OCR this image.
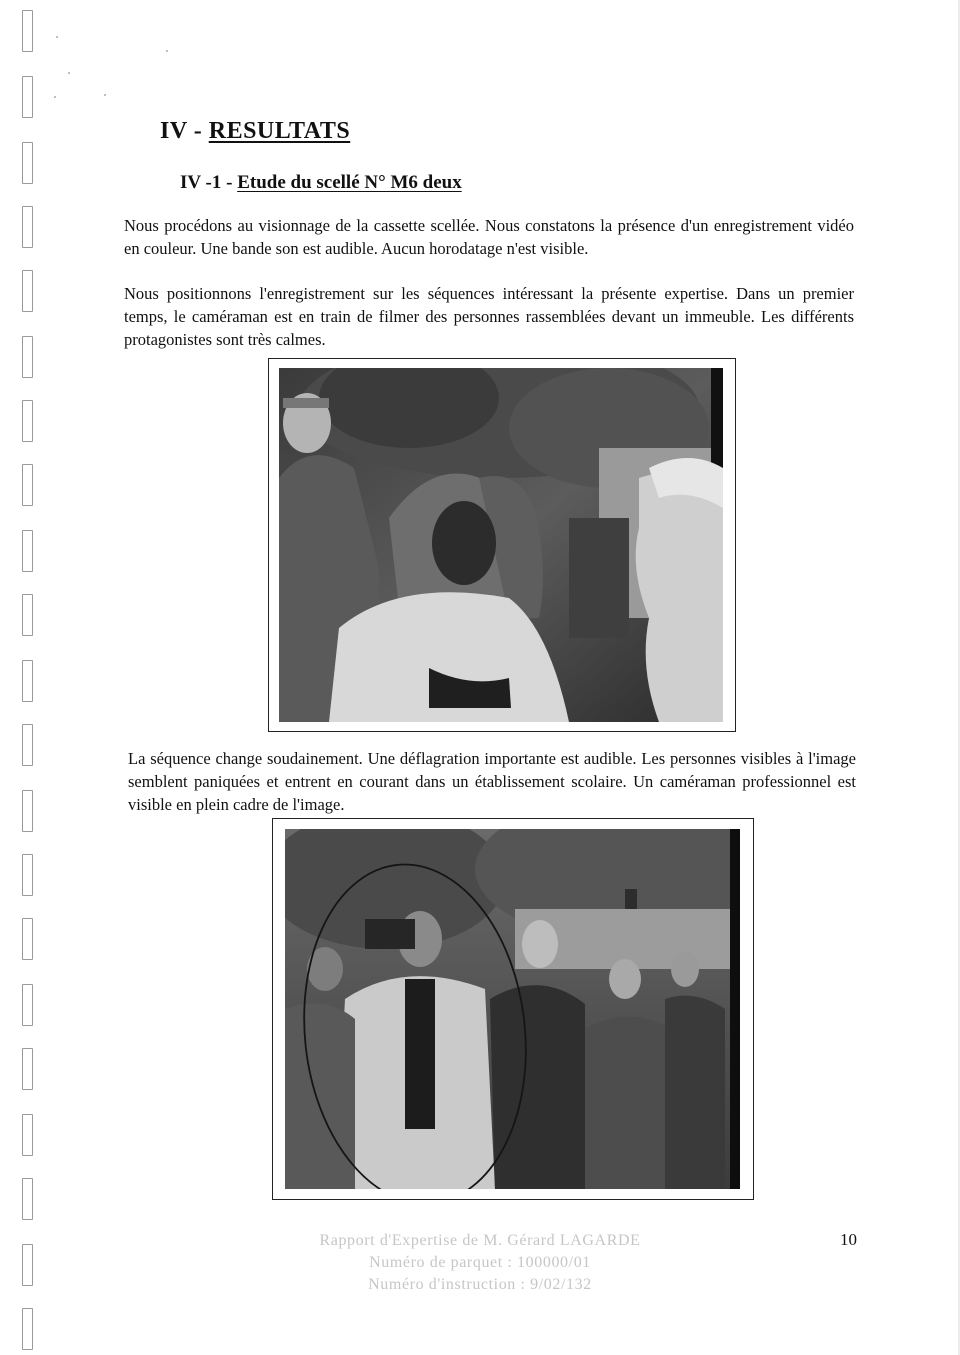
IV - RESULTATS
IV -1 - Etude du scellé N° M6 deux

Nous procédons au visionnage de la cassette scellée. Nous constatons la présence d'un enregistrement vidéo en couleur. Une bande son est audible. Aucun horodatage n'est visible.

Nous positionnons l'enregistrement sur les séquences intéressant la présente expertise. Dans un premier temps, le caméraman est en train de filmer des personnes rassemblées devant un immeuble. Les différents protagonistes sont très calmes.

La séquence change soudainement. Une déflagration importante est audible. Les personnes visibles à l'image semblent paniquées et entrent en courant dans un établissement scolaire. Un caméraman professionnel est visible en plein cadre de l'image.

Rapport d'Expertise de M. Gérard LAGARDE
Numéro de parquet : 100000/01
Numéro d'instruction : 9/02/132
10
